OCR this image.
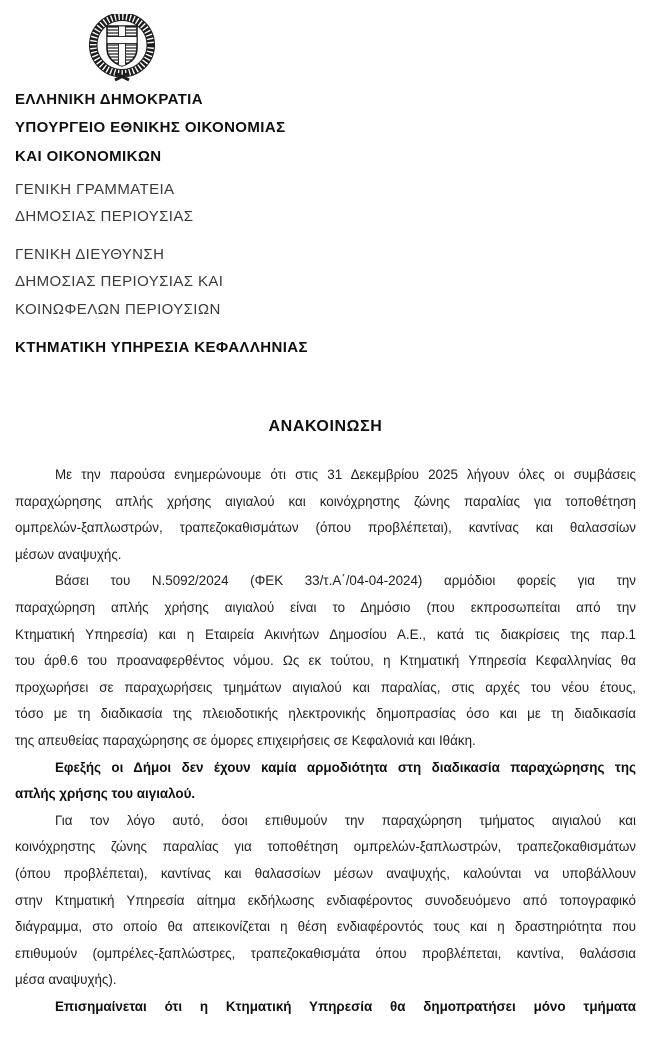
ΕΛΛΗΝΙΚΗ ΔΗΜΟΚΡΑΤΙΑ
ΥΠΟΥΡΓΕΙΟ ΕΘΝΙΚΗΣ ΟΙΚΟΝΟΜΙΑΣ
ΚΑΙ ΟΙΚΟΝΟΜΙΚΩΝ
ΓΕΝΙΚΗ ΓΡΑΜΜΑΤΕΙΑ
ΔΗΜΟΣΙΑΣ ΠΕΡΙΟΥΣΙΑΣ
ΓΕΝΙΚΗ ΔΙΕΥΘΥΝΣΗ
ΔΗΜΟΣΙΑΣ ΠΕΡΙΟΥΣΙΑΣ ΚΑΙ
ΚΟΙΝΩΦΕΛΩΝ ΠΕΡΙΟΥΣΙΩΝ
ΚΤΗΜΑΤΙΚΗ ΥΠΗΡΕΣΙΑ ΚΕΦΑΛΛΗΝΙΑΣ
ΑΝΑΚΟΙΝΩΣΗ
Με την παρούσα ενημερώνουμε ότι στις 31 Δεκεμβρίου 2025 λήγουν όλες οι συμβάσεις
παραχώρησης απλής χρήσης αιγιαλού και κοινόχρηστης ζώνης παραλίας για τοποθέτηση
ομπρελών-ξαπλωστρών, τραπεζοκαθισμάτων (όπου προβλέπεται), καντίνας και θαλασσίων
μέσων αναψυχής.
Βάσει του Ν.5092/2024 (ΦΕΚ 33/τ.Α΄/04-04-2024) αρμόδιοι φορείς για την
παραχώρηση απλής χρήσης αιγιαλού είναι το Δημόσιο (που εκπροσωπείται από την
Κτηματική Υπηρεσία) και η Εταιρεία Ακινήτων Δημοσίου Α.Ε., κατά τις διακρίσεις της παρ.1
του άρθ.6 του προαναφερθέντος νόμου. Ως εκ τούτου, η Κτηματική Υπηρεσία Κεφαλληνίας θα
προχωρήσει σε παραχωρήσεις τμημάτων αιγιαλού και παραλίας, στις αρχές του νέου έτους,
τόσο με τη διαδικασία της πλειοδοτικής ηλεκτρονικής δημοπρασίας όσο και με τη διαδικασία
της απευθείας παραχώρησης σε όμορες επιχειρήσεις σε Κεφαλονιά και Ιθάκη.
Εφεξής οι Δήμοι δεν έχουν καμία αρμοδιότητα στη διαδικασία παραχώρησης της
απλής χρήσης του αιγιαλού.
Για τον λόγο αυτό, όσοι επιθυμούν την παραχώρηση τμήματος αιγιαλού και
κοινόχρηστης ζώνης παραλίας για τοποθέτηση ομπρελών-ξαπλωστρών, τραπεζοκαθισμάτων
(όπου προβλέπεται), καντίνας και θαλασσίων μέσων αναψυχής, καλούνται να υποβάλλουν
στην Κτηματική Υπηρεσία αίτημα εκδήλωσης ενδιαφέροντος συνοδευόμενο από τοπογραφικό
διάγραμμα, στο οποίο θα απεικονίζεται η θέση ενδιαφέροντός τους και η δραστηριότητα που
επιθυμούν (ομπρέλες-ξαπλώστρες, τραπεζοκαθισμάτα όπου προβλέπεται, καντίνα, θαλάσσια
μέσα αναψυχής).
Επισημαίνεται ότι η Κτηματική Υπηρεσία θα δημοπρατήσει μόνο τμήματα
